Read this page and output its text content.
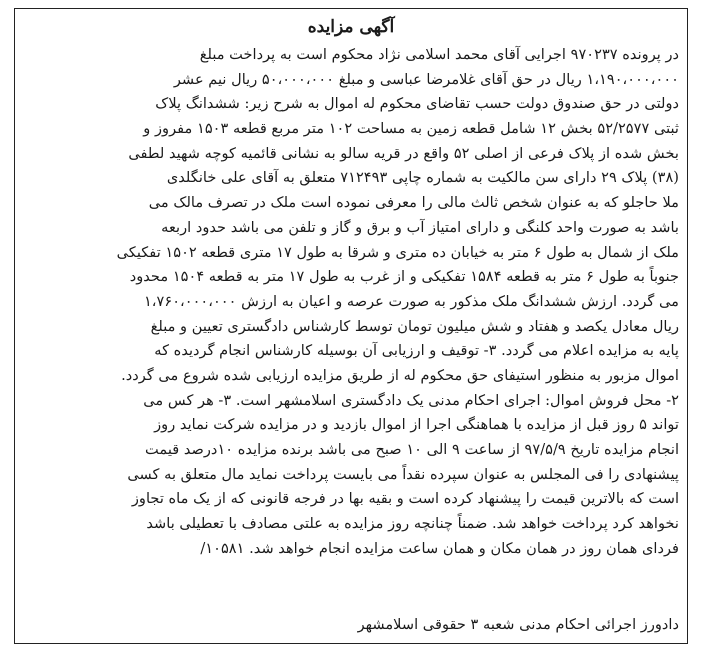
آگهی مزایده
در پرونده ۹۷۰۲۳۷ اجرایی آقای محمد اسلامی نژاد محکوم است به پرداخت مبلغ
۱،۱۹۰،۰۰۰،۰۰۰ ریال در حق آقای غلامرضا عباسی و مبلغ ۵۰،۰۰۰،۰۰۰ ریال نیم عشر
دولتی در حق صندوق دولت حسب تقاضای محکوم له اموال به شرح زیر: ششدانگ پلاک
ثبتی ۵۲/۲۵۷۷ بخش ۱۲ شامل قطعه زمین به مساحت ۱۰۲ متر مربع قطعه ۱۵۰۳ مفروز و
بخش شده از پلاک فرعی از اصلی ۵۲ واقع در قریه سالو به نشانی قائمیه کوچه شهید لطفی
(۳۸) پلاک ۲۹ دارای سن مالکیت به شماره چاپی ۷۱۲۴۹۳ متعلق به آقای علی خانگلدی
ملا حاجلو که به عنوان شخص ثالث مالی را معرفی نموده است ملک در تصرف مالک می
باشد به صورت واحد کلنگی و دارای امتیاز آب و برق و گاز و تلفن می باشد حدود اربعه
ملک از شمال به طول ۶ متر به خیابان ده متری و شرقا به طول ۱۷ متری قطعه ۱۵۰۲ تفکیکی
جنوباً به طول ۶ متر به قطعه ۱۵۸۴ تفکیکی و از غرب به طول ۱۷ متر به قطعه ۱۵۰۴ محدود
می گردد. ارزش ششدانگ ملک مذکور به صورت عرصه و اعیان به ارزش ۱،۷۶۰،۰۰۰،۰۰۰
ریال معادل یکصد و هفتاد و شش میلیون تومان توسط کارشناس دادگستری تعیین و مبلغ
پایه به مزایده اعلام می گردد. ۳- توقیف و ارزیابی آن بوسیله کارشناس انجام گردیده که
اموال مزبور به منظور استیفای حق محکوم له از طریق مزایده ارزیابی شده شروع می گردد.
۲- محل فروش اموال: اجرای احکام مدنی یک دادگستری اسلامشهر است. ۳- هر کس می
تواند ۵ روز قبل از مزایده با هماهنگی اجرا از اموال بازدید و در مزایده شرکت نماید روز
انجام مزایده تاریخ ۹۷/۵/۹ از ساعت ۹ الی ۱۰ صبح می باشد برنده مزایده ۱۰درصد قیمت
پیشنهادی را فی المجلس به عنوان سپرده نقداً می بایست پرداخت نماید مال متعلق به کسی
است که بالاترین قیمت را پیشنهاد کرده است و بقیه بها در فرجه قانونی که از یک ماه تجاوز
نخواهد کرد پرداخت خواهد شد. ضمناً چنانچه روز مزایده به علتی مصادف با تعطیلی باشد
فردای همان روز در همان مکان و همان ساعت مزایده انجام خواهد شد. ۱۰۵۸۱/
دادورز اجرائی احکام مدنی شعبه ۳ حقوقی اسلامشهر
